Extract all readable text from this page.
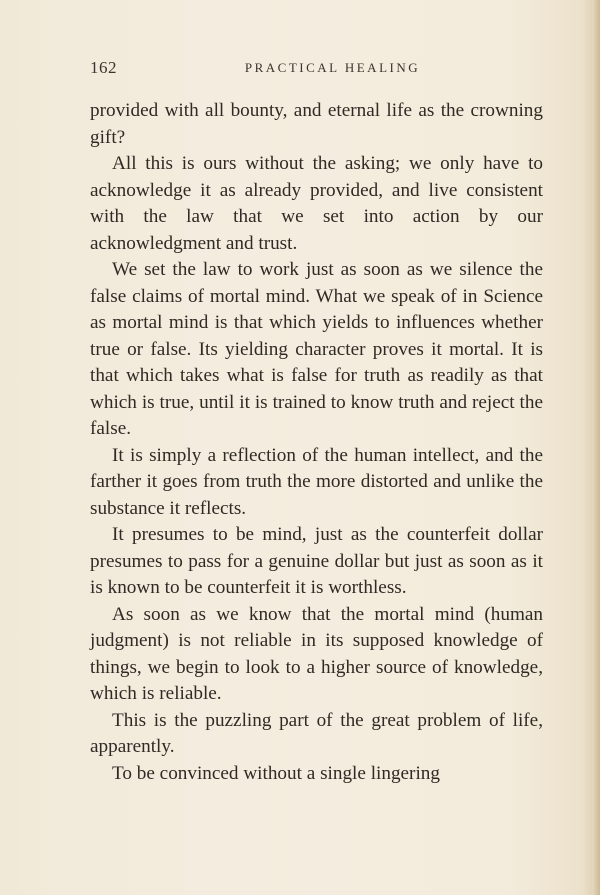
162	PRACTICAL HEALING

provided with all bounty, and eternal life as the crowning gift?

All this is ours without the asking; we only have to acknowledge it as already provided, and live consistent with the law that we set into action by our acknowledgment and trust.

We set the law to work just as soon as we silence the false claims of mortal mind. What we speak of in Science as mortal mind is that which yields to influences whether true or false. Its yielding character proves it mortal. It is that which takes what is false for truth as readily as that which is true, until it is trained to know truth and reject the false.

It is simply a reflection of the human intellect, and the farther it goes from truth the more distorted and unlike the substance it reflects.

It presumes to be mind, just as the counterfeit dollar presumes to pass for a genuine dollar but just as soon as it is known to be counterfeit it is worthless.

As soon as we know that the mortal mind (human judgment) is not reliable in its supposed knowledge of things, we begin to look to a higher source of knowledge, which is reliable.

This is the puzzling part of the great problem of life, apparently.

To be convinced without a single lingering
